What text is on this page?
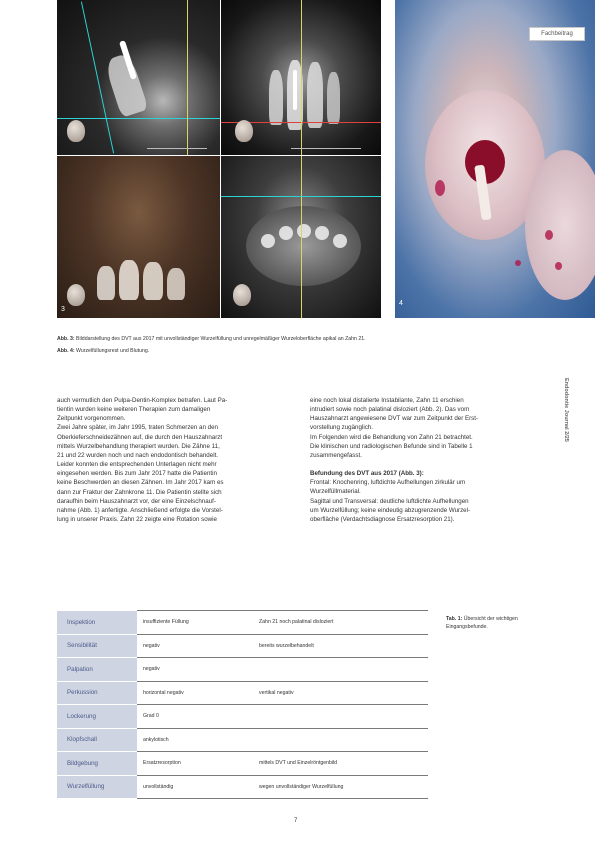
3
4
Fachbeitrag
Abb. 3: Bilddarstellung des DVT aus 2017 mit unvollständiger Wurzelfüllung und unregelmäßiger Wurzeloberfläche apikal an Zahn 21.
Abb. 4: Wurzelfüllungsrest und Blutung.

auch vermutlich den Pulpa-Dentin-Komplex betrafen. Laut Pa-

tientin wurden keine weiteren Therapien zum damaligen

Zeitpunkt vorgenommen.

Zwei Jahre später, im Jahr 1995, traten Schmerzen an den

Oberkieferschneidezähnen auf, die durch den Hauszahnarzt

mittels Wurzelbehandlung therapiert wurden. Die Zähne 11,

21 und 22 wurden noch und nach endodontisch behandelt.

Leider konnten die entsprechenden Unterlagen nicht mehr

eingesehen werden. Bis zum Jahr 2017 hatte die Patientin

keine Beschwerden an diesen Zähnen. Im Jahr 2017 kam es

dann zur Fraktur der Zahnkrone 11. Die Patientin stellte sich

daraufhin beim Hauszahnarzt vor, der eine Einzelschnauf-

nahme (Abb. 1) anfertigte. Anschließend erfolgte die Vorstel-

lung in unserer Praxis. Zahn 22 zeigte eine Rotation sowie

eine noch lokal distalierte Instabilante, Zahn 11 erschien

intrudiert sowie noch palatinal disloziert (Abb. 2). Das vom

Hauszahnarzt angewiesene DVT war zum Zeitpunkt der Erst-

vorstellung zugänglich.

Im Folgenden wird die Behandlung von Zahn 21 betrachtet.

Die klinischen und radiologischen Befunde sind in Tabelle 1

zusammengefasst.

Befundung des DVT aus 2017 (Abb. 3):

Frontal: Knochenring, luftdichte Aufhellungen zirkulär um

Wurzelfüllmaterial.

Sagittal und Transversal: deutliche luftdichte Aufhellungen

um Wurzelfüllung; keine eindeutig abzugrenzende Wurzel-

oberfläche (Verdachtsdiagnose Ersatzresorption 21).

Endodontie Journal 2/25
Inspektion	insuffiziente Füllung	Zahn 21 noch palatinal disloziert
Sensibilität	negativ	bereits wurzelbehandelt
Palpation	negativ	
Perkussion	horizontal negativ	vertikal negativ
Lockerung	Grad 0	
Klopfschall	ankylotisch	
Bildgebung	Ersatzresorption	mittels DVT und Einzelröntgenbild
Wurzelfüllung	unvollständig	wegen unvollständiger Wurzelfüllung
Tab. 1: Übersicht der wichtigen Eingangsbefunde.
7
